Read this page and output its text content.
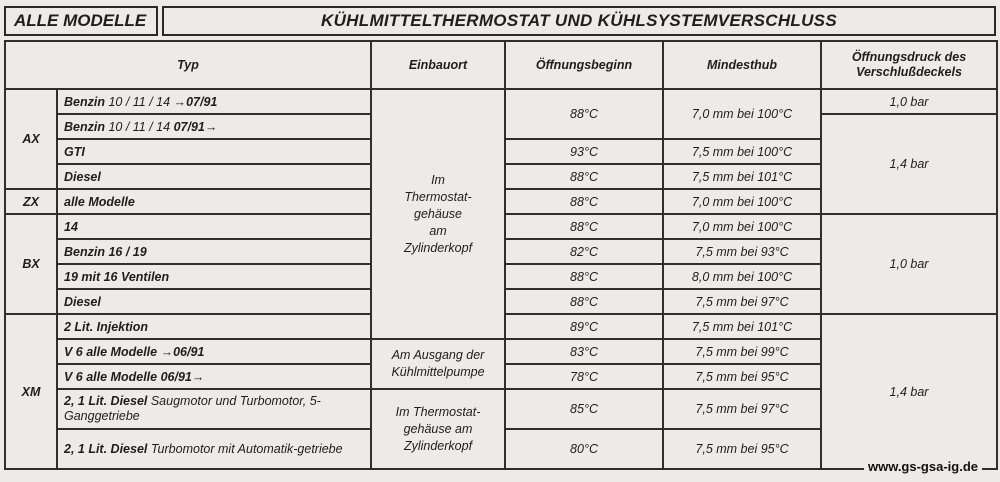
ALLE MODELLE	KÜHLMITTELTHERMOSTAT UND KÜHLSYSTEMVERSCHLUSS
Typ		Einbauort	Öffnungsbeginn	Mindesthub	Öffnungsdruck des
Verschlußdeckels
AX	Benzin 10 / 11 / 14 →07/91	Im
Thermostat-
gehäuse
am
Zylinderkopf	88°C	7,0 mm bei 100°C	1,0 bar
	Benzin 10 / 11 / 14 07/91→				1,4 bar
	GTI		93°C	7,5 mm bei 100°C	
	Diesel		88°C	7,5 mm bei 101°C	
ZX	alle Modelle		88°C	7,0 mm bei 100°C	
BX	14		88°C	7,0 mm bei 100°C	1,0 bar
	Benzin 16 / 19		82°C	7,5 mm bei 93°C	
	19 mit 16 Ventilen		88°C	8,0 mm bei 100°C	
	Diesel		88°C	7,5 mm bei 97°C	
XM	2 Lit. Injektion		89°C	7,5 mm bei 101°C	1,4 bar
	V 6 alle Modelle →06/91	Am Ausgang der
Kühlmittelpumpe	83°C	7,5 mm bei 99°C	
	V 6 alle Modelle 06/91→		78°C	7,5 mm bei 95°C	
	2, 1 Lit. Diesel Saugmotor und Turbomotor, 5-Ganggetriebe	Im Thermostat-
gehäuse am
Zylinderkopf	85°C	7,5 mm bei 97°C	
	2, 1 Lit. Diesel Turbomotor mit Automatik-getriebe		80°C	7,5 mm bei 95°C	
www.gs-gsa-ig.de
